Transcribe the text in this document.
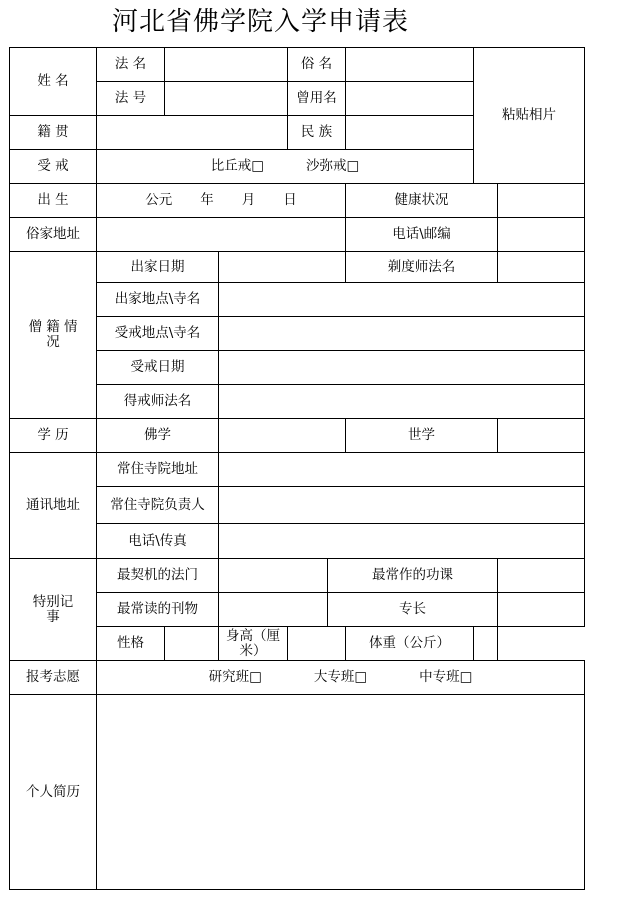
河北省佛学院入学申请表
姓 名	法 名			俗 名			粘贴相片	
	法 号			曾用名				
籍 贯				民 族				
受 戒	比丘戒□ 沙弥戒□							
出 生	公元 年 月 日					健康状况		
俗家地址						电话\邮编		

僧 籍 情 况	出家日期					剃度师法名		
	出家地点\寺名							
	受戒地点\寺名							
	受戒日期							
	得戒师法名							
学 历	佛学					世学		
通讯地址	常住寺院地址							
	常住寺院负责人							
	电话\传真							

特别记事	最契机的法门				最常作的功课			
	最常读的刊物				专长			
	性格		身高（厘米）			体重（公斤）		
报考志愿	研究班□ 大专班□ 中专班□							
个人简历								
